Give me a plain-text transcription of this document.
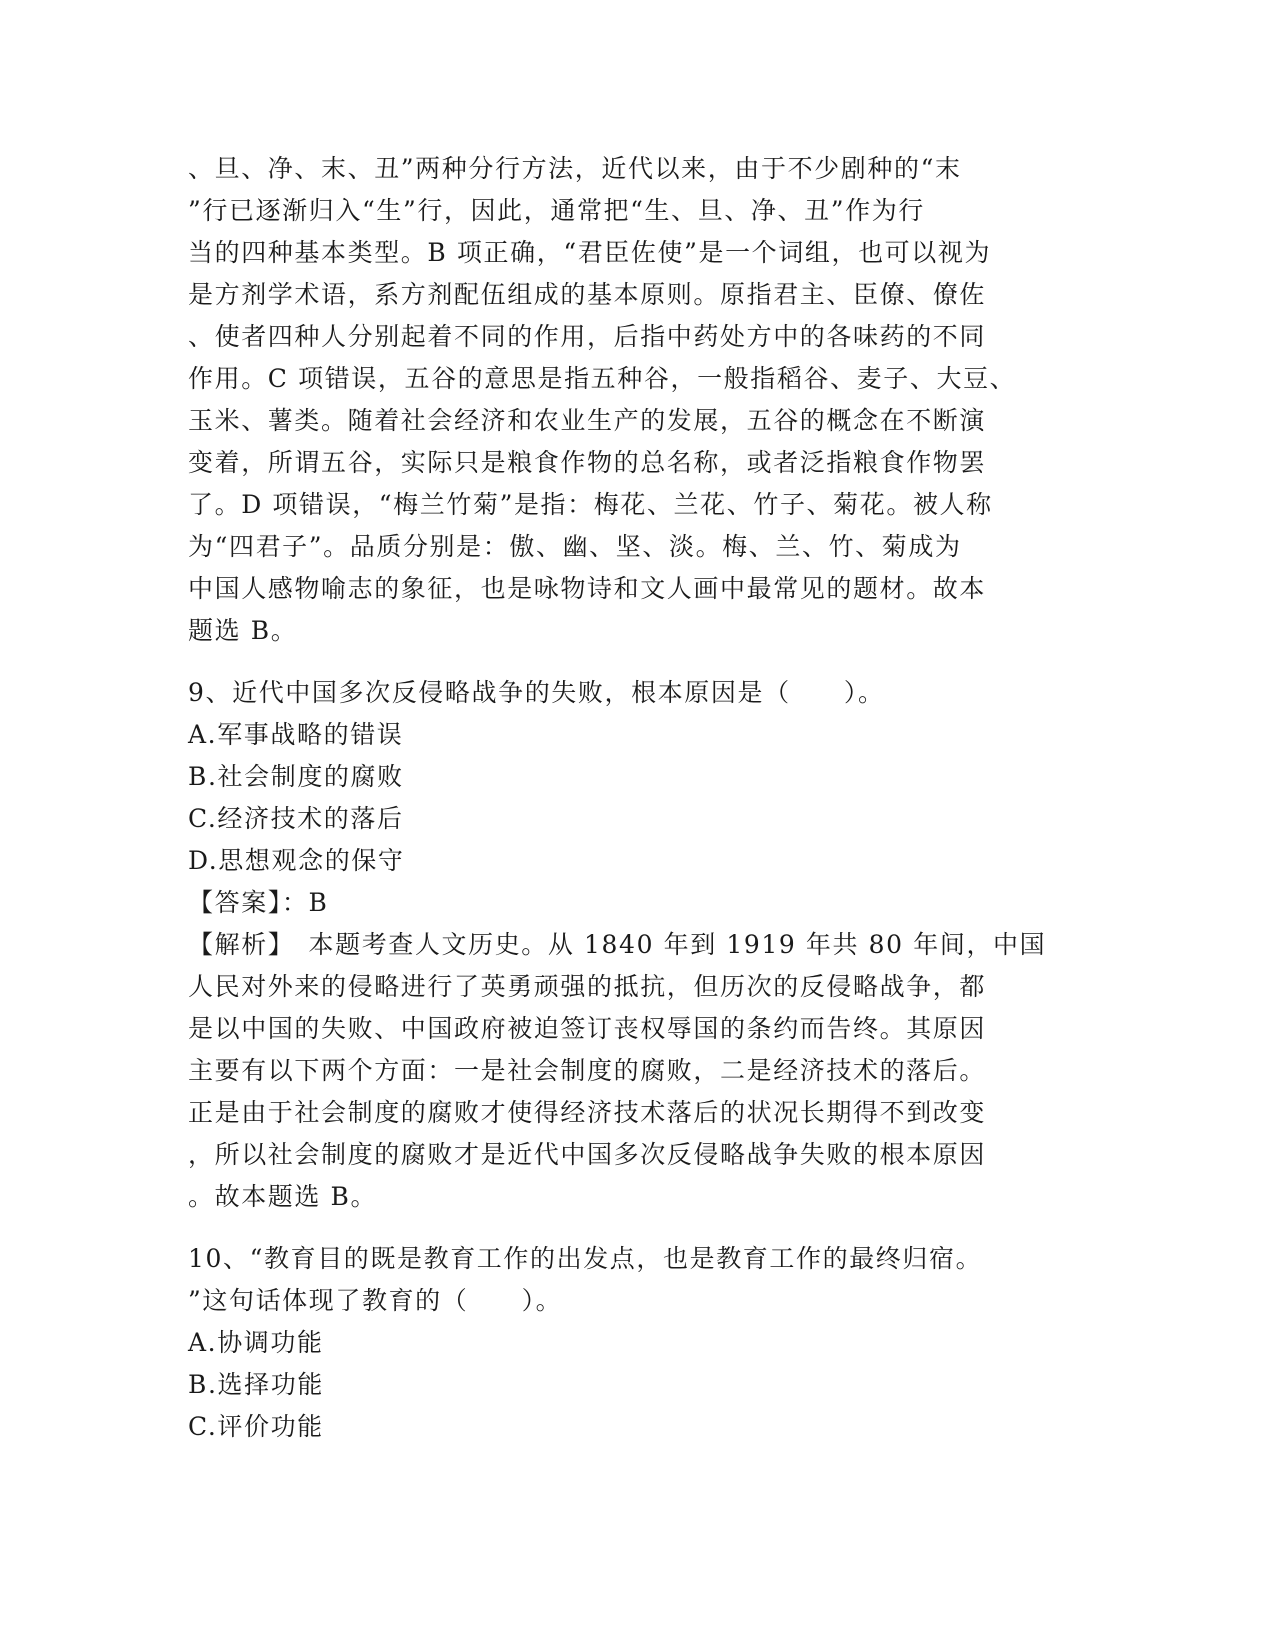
、旦、净、末、丑”两种分行方法，近代以来，由于不少剧种的“末
”行已逐渐归入“生”行，因此，通常把“生、旦、净、丑”作为行
当的四种基本类型。B 项正确，“君臣佐使”是一个词组，也可以视为
是方剂学术语，系方剂配伍组成的基本原则。原指君主、臣僚、僚佐
、使者四种人分别起着不同的作用，后指中药处方中的各味药的不同
作用。C 项错误，五谷的意思是指五种谷，一般指稻谷、麦子、大豆、
玉米、薯类。随着社会经济和农业生产的发展，五谷的概念在不断演
变着，所谓五谷，实际只是粮食作物的总名称，或者泛指粮食作物罢
了。D 项错误，“梅兰竹菊”是指：梅花、兰花、竹子、菊花。被人称
为“四君子”。品质分别是：傲、幽、坚、淡。梅、兰、竹、菊成为
中国人感物喻志的象征，也是咏物诗和文人画中最常见的题材。故本
题选 B。
9、近代中国多次反侵略战争的失败，根本原因是（　　）。
A.军事战略的错误
B.社会制度的腐败
C.经济技术的落后
D.思想观念的保守
【答案】：B
【解析】　本题考查人文历史。从 1840 年到 1919 年共 80 年间，中国
人民对外来的侵略进行了英勇顽强的抵抗，但历次的反侵略战争，都
是以中国的失败、中国政府被迫签订丧权辱国的条约而告终。其原因
主要有以下两个方面：一是社会制度的腐败，二是经济技术的落后。
正是由于社会制度的腐败才使得经济技术落后的状况长期得不到改变
，所以社会制度的腐败才是近代中国多次反侵略战争失败的根本原因
。故本题选 B。
10、“教育目的既是教育工作的出发点，也是教育工作的最终归宿。
”这句话体现了教育的（　　）。
A.协调功能
B.选择功能
C.评价功能
